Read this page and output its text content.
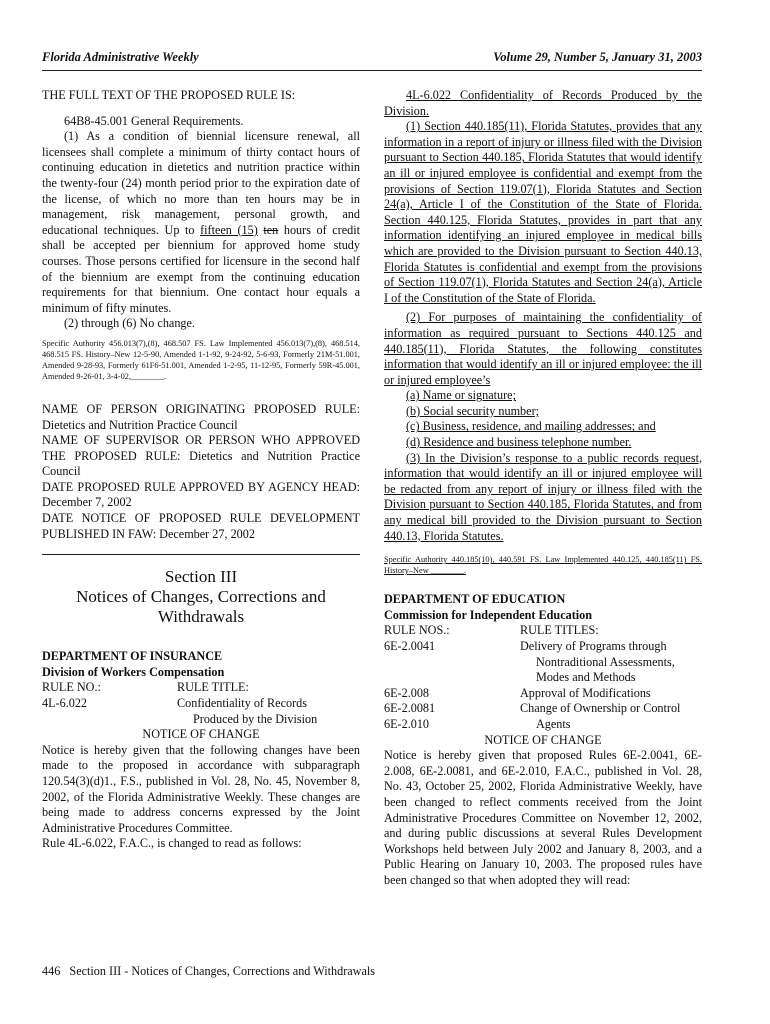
Florida Administrative Weekly	Volume 29, Number 5, January 31, 2003

THE FULL TEXT OF THE PROPOSED RULE IS:

64B8-45.001 General Requirements.

(1) As a condition of biennial licensure renewal, all licensees shall complete a minimum of thirty contact hours of continuing education in dietetics and nutrition practice within the twenty-four (24) month period prior to the expiration date of the license, of which no more than ten hours may be in management, risk management, personal growth, and educational techniques. Up to fifteen (15) ten hours of credit shall be accepted per biennium for approved home study courses. Those persons certified for licensure in the second half of the biennium are exempt from the continuing education requirements for that biennium. One contact hour equals a minimum of fifty minutes.

(2) through (6) No change.

Specific Authority 456.013(7),(8), 468.507 FS. Law Implemented 456.013(7),(8), 468.514, 468.515 FS. History–New 12-5-90, Amended 1-1-92, 9-24-92, 5-6-93, Formerly 21M-51.001, Amended 9-28-93, Formerly 61F6-51.001, Amended 1-2-95, 11-12-95, Formerly 59R-45.001, Amended 9-26-01, 3-4-02,________.

NAME OF PERSON ORIGINATING PROPOSED RULE: Dietetics and Nutrition Practice Council

NAME OF SUPERVISOR OR PERSON WHO APPROVED THE PROPOSED RULE: Dietetics and Nutrition Practice Council

DATE PROPOSED RULE APPROVED BY AGENCY HEAD: December 7, 2002

DATE NOTICE OF PROPOSED RULE DEVELOPMENT PUBLISHED IN FAW: December 27, 2002

Section III
Notices of Changes, Corrections and Withdrawals

DEPARTMENT OF INSURANCE

Division of Workers Compensation

RULE NO.:	RULE TITLE:
4L-6.022	Confidentiality of Records
Produced by the Division

NOTICE OF CHANGE

Notice is hereby given that the following changes have been made to the proposed in accordance with subparagraph 120.54(3)(d)1., F.S., published in Vol. 28, No. 45, November 8, 2002, of the Florida Administrative Weekly. These changes are being made to address concerns expressed by the Joint Administrative Procedures Committee.

Rule 4L-6.022, F.A.C., is changed to read as follows:

4L-6.022 Confidentiality of Records Produced by the Division.

(1) Section 440.185(11), Florida Statutes, provides that any information in a report of injury or illness filed with the Division pursuant to Section 440.185, Florida Statutes that would identify an ill or injured employee is confidential and exempt from the provisions of Section 119.07(1), Florida Statutes and Section 24(a), Article I of the Constitution of the State of Florida. Section 440.125, Florida Statutes, provides in part that any information identifying an injured employee in medical bills which are provided to the Division pursuant to Section 440.13, Florida Statutes is confidential and exempt from the provisions of Section 119.07(1), Florida Statutes and Section 24(a), Article I of the Constitution of the State of Florida.

(2) For purposes of maintaining the confidentiality of information as required pursuant to Sections 440.125 and 440.185(11), Florida Statutes, the following constitutes information that would identify an ill or injured employee: the ill or injured employee’s

(a) Name or signature;

(b) Social security number;

(c) Business, residence, and mailing addresses; and

(d) Residence and business telephone number.

(3) In the Division’s response to a public records request, information that would identify an ill or injured employee will be redacted from any report of injury or illness filed with the Division pursuant to Section 440.185, Florida Statutes, and from any medical bill provided to the Division pursuant to Section 440.13, Florida Statutes.

Specific Authority 440.185(10), 440.591 FS. Law Implemented 440.125, 440.185(11) FS. History–New ________.

DEPARTMENT OF EDUCATION

Commission for Independent Education

RULE NOS.:	RULE TITLES:
6E-2.0041	Delivery of Programs through
Nontraditional Assessments,
Modes and Methods
6E-2.008	Approval of Modifications
6E-2.0081	Change of Ownership or Control
6E-2.010	Agents

NOTICE OF CHANGE

Notice is hereby given that proposed Rules 6E-2.0041, 6E-2.008, 6E-2.0081, and 6E-2.010, F.A.C., published in Vol. 28, No. 43, October 25, 2002, Florida Administrative Weekly, have been changed to reflect comments received from the Joint Administrative Procedures Committee on November 12, 2002, and during public discussions at several Rules Development Workshops held between July 2002 and January 8, 2003, and a Public Hearing on January 10, 2003. The proposed rules have been changed so that when adopted they will read:

446   Section III - Notices of Changes, Corrections and Withdrawals
